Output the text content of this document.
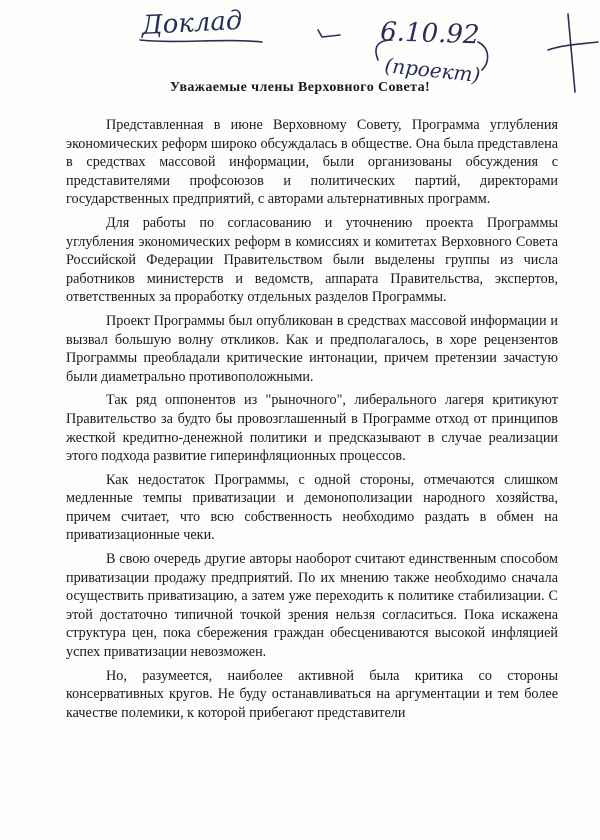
Доклад	6.10.92
(проект)
Уважаемые члены Верховного Совета!

Представленная в июне Верховному Совету, Программа углубления экономических реформ широко обсуждалась в обществе. Она была представлена в средствах массовой информации, были организованы обсуждения с представителями профсоюзов и политических партий, директорами государственных предприятий, с авторами альтернативных программ.

Для работы по согласованию и уточнению проекта Программы углубления экономических реформ в комиссиях и комитетах Верховного Совета Российской Федерации Правительством были выделены группы из числа работников министерств и ведомств, аппарата Правительства, экспертов, ответственных за проработку отдельных разделов Программы.

Проект Программы был опубликован в средствах массовой информации и вызвал большую волну откликов. Как и предполагалось, в хоре рецензентов Программы преобладали критические интонации, причем претензии зачастую были диаметрально противоположными.

Так ряд оппонентов из "рыночного", либерального лагеря критикуют Правительство за будто бы провозглашенный в Программе отход от принципов жесткой кредитно-денежной политики и предсказывают в случае реализации этого подхода развитие гиперинфляционных процессов.

Как недостаток Программы, с одной стороны, отмечаются слишком медленные темпы приватизации и демонополизации народного хозяйства, причем считает, что всю собственность необходимо раздать в обмен на приватизационные чеки.

В свою очередь другие авторы наоборот считают единственным способом приватизации продажу предприятий. По их мнению также необходимо сначала осуществить приватизацию, а затем уже переходить к политике стабилизации. С этой достаточно типичной точкой зрения нельзя согласиться. Пока искажена структура цен, пока сбережения граждан обесцениваются высокой инфляцией успех приватизации невозможен.

Но, разумеется, наиболее активной была критика со стороны консервативных кругов. Не буду останавливаться на аргументации и тем более качестве полемики, к которой прибегают представители
